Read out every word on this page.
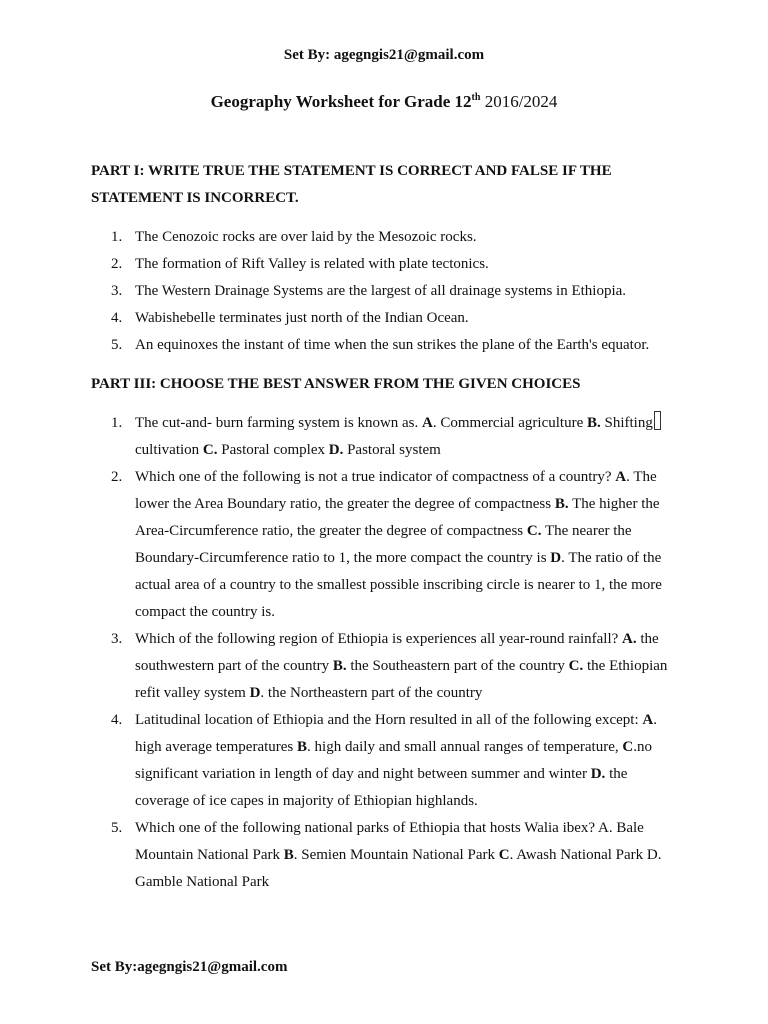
Set By: agegngis21@gmail.com
Geography Worksheet for Grade 12th 2016/2024
PART I: WRITE TRUE THE STATEMENT IS CORRECT AND FALSE IF THE STATEMENT IS INCORRECT.
1. The Cenozoic rocks are over laid by the Mesozoic rocks.
2. The formation of Rift Valley is related with plate tectonics.
3. The Western Drainage Systems are the largest of all drainage systems in Ethiopia.
4. Wabishebelle terminates just north of the Indian Ocean.
5. An equinoxes the instant of time when the sun strikes the plane of the Earth's equator.
PART III: CHOOSE THE BEST ANSWER FROM THE GIVEN CHOICES
1. The cut-and- burn farming system is known as. A. Commercial agriculture B. Shifting cultivation C. Pastoral complex D. Pastoral system
2. Which one of the following is not a true indicator of compactness of a country? A. The lower the Area Boundary ratio, the greater the degree of compactness B. The higher the Area-Circumference ratio, the greater the degree of compactness C. The nearer the Boundary-Circumference ratio to 1, the more compact the country is D. The ratio of the actual area of a country to the smallest possible inscribing circle is nearer to 1, the more compact the country is.
3. Which of the following region of Ethiopia is experiences all year-round rainfall? A. the southwestern part of the country B. the Southeastern part of the country C. the Ethiopian refit valley system D. the Northeastern part of the country
4. Latitudinal location of Ethiopia and the Horn resulted in all of the following except: A. high average temperatures B. high daily and small annual ranges of temperature, C.no significant variation in length of day and night between summer and winter D. the coverage of ice capes in majority of Ethiopian highlands.
5. Which one of the following national parks of Ethiopia that hosts Walia ibex? A. Bale Mountain National Park B. Semien Mountain National Park C. Awash National Park D. Gamble National Park
Set By:agegngis21@gmail.com
